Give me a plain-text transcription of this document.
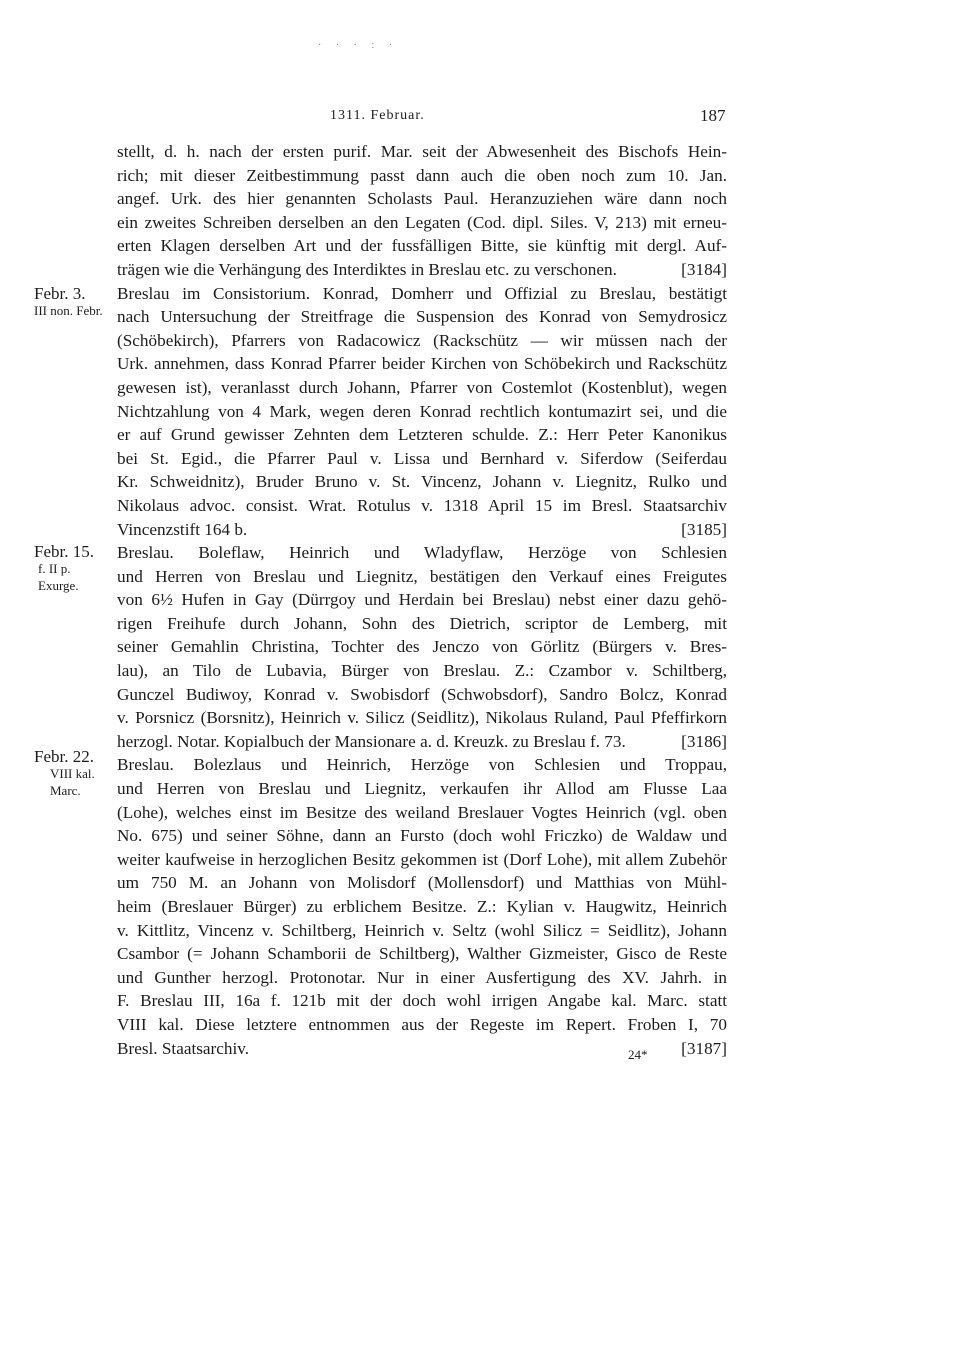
· · · : ·
1311. Februar.	187
Febr. 3.
III non. Febr.
Febr. 15.
f. II p. Exurge.
Febr. 22.
VIII kal. Marc.
stellt, d. h. nach der ersten purif. Mar. seit der Abwesenheit des Bischofs Hein-
rich; mit dieser Zeitbestimmung passt dann auch die oben noch zum 10. Jan.
angef. Urk. des hier genannten Scholasts Paul. Heranzuziehen wäre dann noch
ein zweites Schreiben derselben an den Legaten (Cod. dipl. Siles. V, 213) mit erneu-
erten Klagen derselben Art und der fussfälligen Bitte, sie künftig mit dergl. Auf-
trägen wie die Verhängung des Interdiktes in Breslau etc. zu verschonen.	[3184]
Breslau im Consistorium. Konrad, Domherr und Offizial zu Breslau, bestätigt
nach Untersuchung der Streitfrage die Suspension des Konrad von Semydrosicz
(Schöbekirch), Pfarrers von Radacowicz (Rackschütz — wir müssen nach der
Urk. annehmen, dass Konrad Pfarrer beider Kirchen von Schöbekirch und Rackschütz
gewesen ist), veranlasst durch Johann, Pfarrer von Costemlot (Kostenblut), wegen
Nichtzahlung von 4 Mark, wegen deren Konrad rechtlich kontumazirt sei, und die
er auf Grund gewisser Zehnten dem Letzteren schulde. Z.: Herr Peter Kanonikus
bei St. Egid., die Pfarrer Paul v. Lissa und Bernhard v. Siferdow (Seiferdau
Kr. Schweidnitz), Bruder Bruno v. St. Vincenz, Johann v. Liegnitz, Rulko und
Nikolaus advoc. consist. Wrat. Rotulus v. 1318 April 15 im Bresl. Staatsarchiv
Vincenzstift 164 b.	[3185]
Breslau. Boleflaw, Heinrich und Wladyflaw, Herzöge von Schlesien
und Herren von Breslau und Liegnitz, bestätigen den Verkauf eines Freigutes
von 6½ Hufen in Gay (Dürrgoy und Herdain bei Breslau) nebst einer dazu gehö-
rigen Freihufe durch Johann, Sohn des Dietrich, scriptor de Lemberg, mit
seiner Gemahlin Christina, Tochter des Jenczo von Görlitz (Bürgers v. Bres-
lau), an Tilo de Lubavia, Bürger von Breslau. Z.: Czambor v. Schiltberg,
Gunczel Budiwoy, Konrad v. Swobisdorf (Schwobsdorf), Sandro Bolcz, Konrad
v. Porsnicz (Borsnitz), Heinrich v. Silicz (Seidlitz), Nikolaus Ruland, Paul Pfeffirkorn
herzogl. Notar. Kopialbuch der Mansionare a. d. Kreuzk. zu Breslau f. 73.	[3186]
Breslau. Bolezlaus und Heinrich, Herzöge von Schlesien und Troppau,
und Herren von Breslau und Liegnitz, verkaufen ihr Allod am Flusse Laa
(Lohe), welches einst im Besitze des weiland Breslauer Vogtes Heinrich (vgl. oben
No. 675) und seiner Söhne, dann an Fursto (doch wohl Friczko) de Waldaw und
weiter kaufweise in herzoglichen Besitz gekommen ist (Dorf Lohe), mit allem Zubehör
um 750 M. an Johann von Molisdorf (Mollensdorf) und Matthias von Mühl-
heim (Breslauer Bürger) zu erblichem Besitze. Z.: Kylian v. Haugwitz, Heinrich
v. Kittlitz, Vincenz v. Schiltberg, Heinrich v. Seltz (wohl Silicz = Seidlitz), Johann
Csambor (= Johann Schamborii de Schiltberg), Walther Gizmeister, Gisco de Reste
und Gunther herzogl. Protonotar. Nur in einer Ausfertigung des XV. Jahrh. in
F. Breslau III, 16a f. 121b mit der doch wohl irrigen Angabe kal. Marc. statt
VIII kal. Diese letztere entnommen aus der Regeste im Repert. Froben I, 70
Bresl. Staatsarchiv.	[3187]
24*
